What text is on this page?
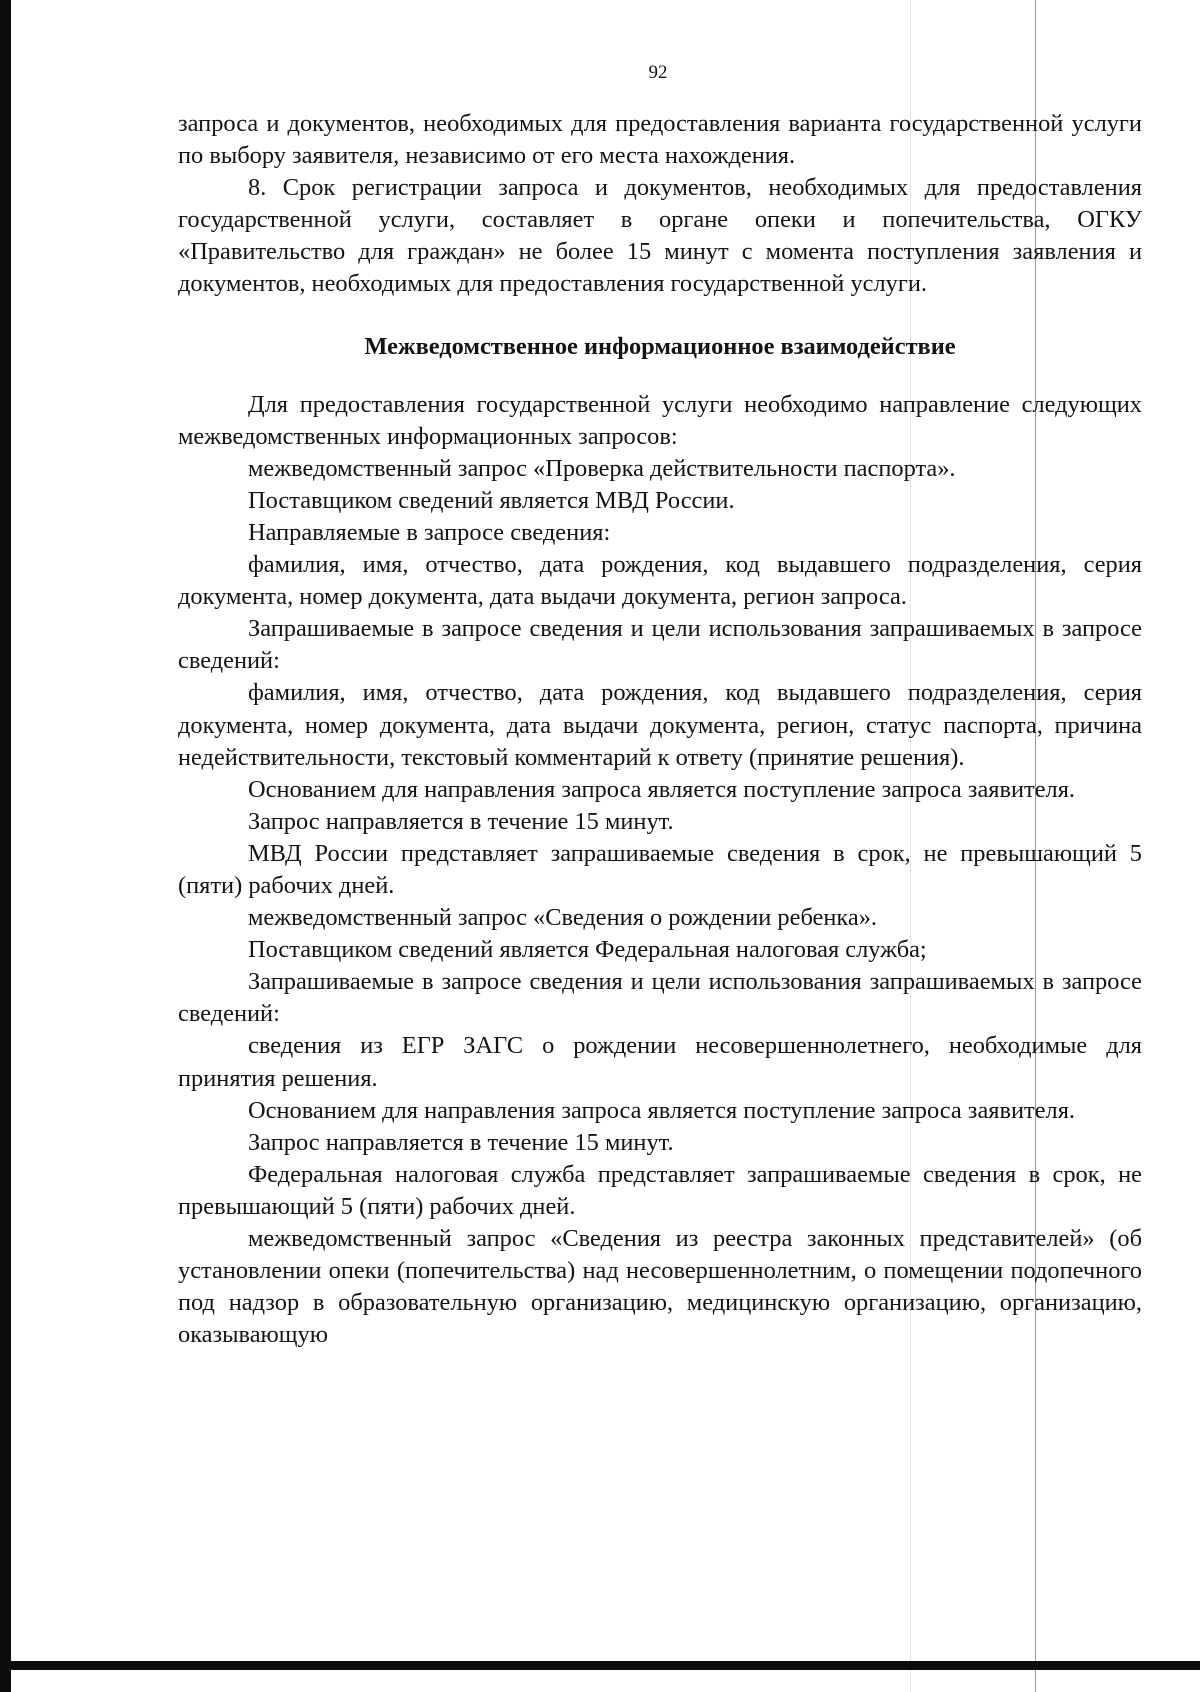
92

запроса и документов, необходимых для предоставления варианта государственной услуги по выбору заявителя, независимо от его места нахождения.

8. Срок регистрации запроса и документов, необходимых для предоставления государственной услуги, составляет в органе опеки и попечительства, ОГКУ «Правительство для граждан» не более 15 минут с момента поступления заявления и документов, необходимых для предоставления государственной услуги.

Межведомственное информационное взаимодействие

Для предоставления государственной услуги необходимо направление следующих межведомственных информационных запросов:

межведомственный запрос «Проверка действительности паспорта».

Поставщиком сведений является МВД России.

Направляемые в запросе сведения:

фамилия, имя, отчество, дата рождения, код выдавшего подразделения, серия документа, номер документа, дата выдачи документа, регион запроса.

Запрашиваемые в запросе сведения и цели использования запрашиваемых в запросе сведений:

фамилия, имя, отчество, дата рождения, код выдавшего подразделения, серия документа, номер документа, дата выдачи документа, регион, статус паспорта, причина недействительности, текстовый комментарий к ответу (принятие решения).

Основанием для направления запроса является поступление запроса заявителя.

Запрос направляется в течение 15 минут.

МВД России представляет запрашиваемые сведения в срок, не превышающий 5 (пяти) рабочих дней.

межведомственный запрос «Сведения о рождении ребенка».

Поставщиком сведений является Федеральная налоговая служба;

Запрашиваемые в запросе сведения и цели использования запрашиваемых в запросе сведений:

сведения из ЕГР ЗАГС о рождении несовершеннолетнего, необходимые для принятия решения.

Основанием для направления запроса является поступление запроса заявителя.

Запрос направляется в течение 15 минут.

Федеральная налоговая служба представляет запрашиваемые сведения в срок, не превышающий 5 (пяти) рабочих дней.

межведомственный запрос «Сведения из реестра законных представителей» (об установлении опеки (попечительства) над несовершеннолетним, о помещении подопечного под надзор в образовательную организацию, медицинскую организацию, организацию, оказывающую
